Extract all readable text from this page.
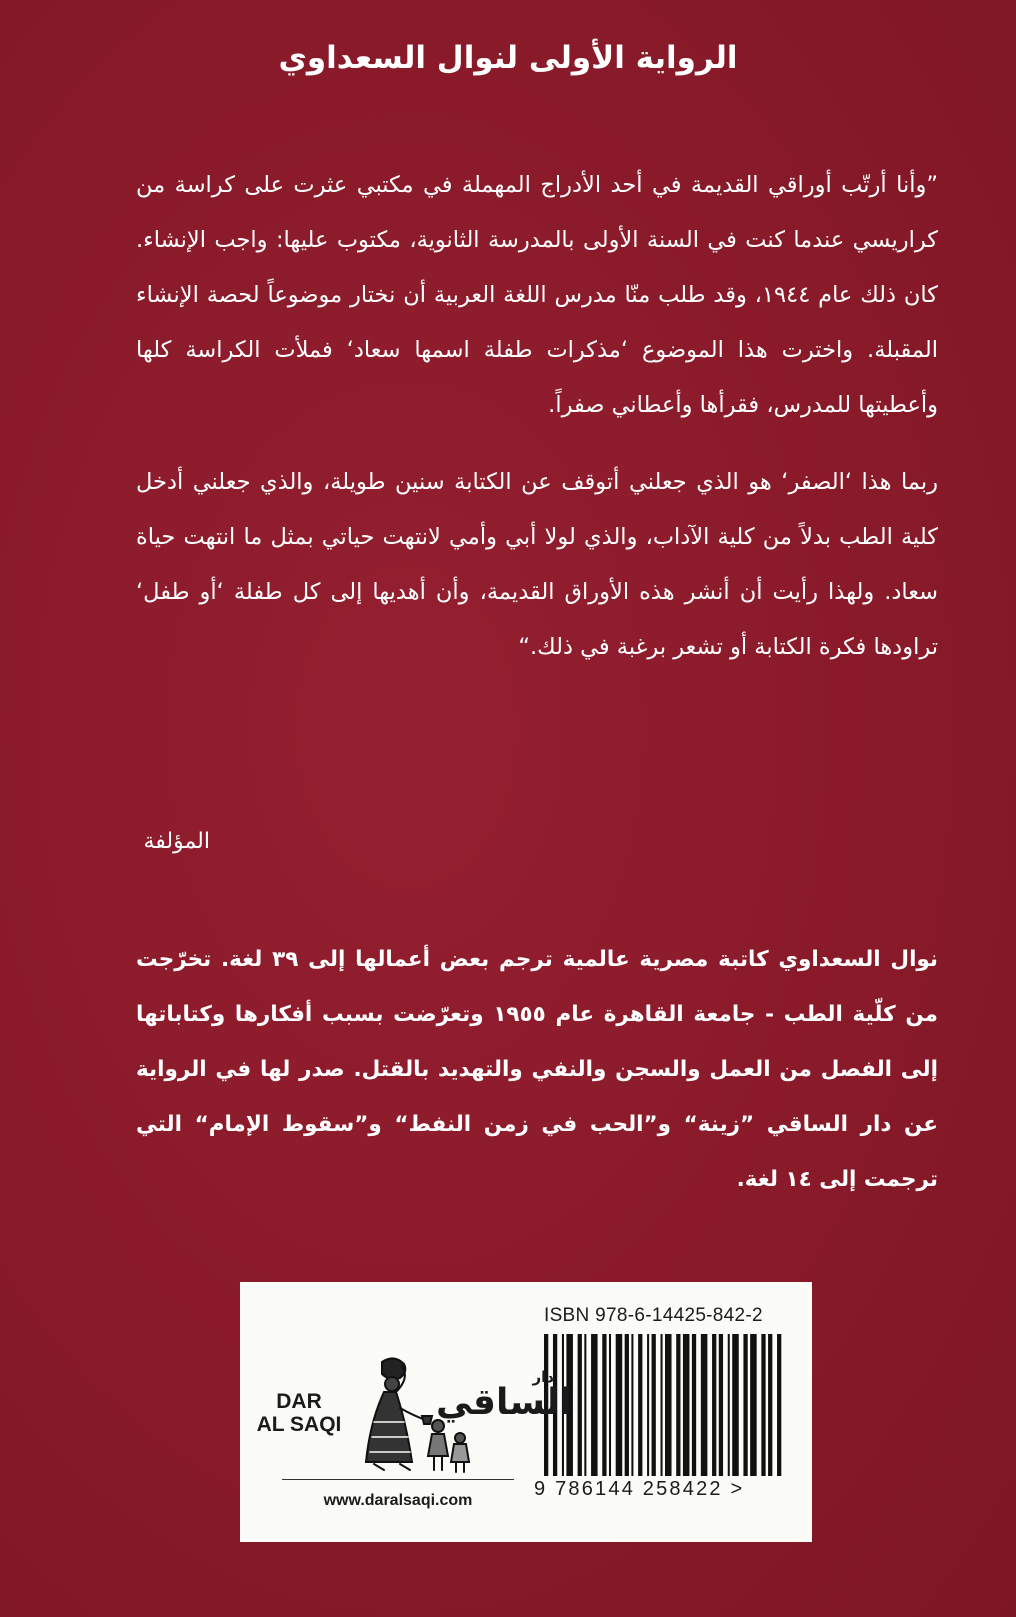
الرواية الأولى لنوال السعداوي

”وأنا أرتّب أوراقي القديمة في أحد الأدراج المهملة في مكتبي عثرت على كراسة من كراريسي عندما كنت في السنة الأولى بالمدرسة الثانوية، مكتوب عليها: واجب الإنشاء. كان ذلك عام ١٩٤٤، وقد طلب منّا مدرس اللغة العربية أن نختار موضوعاً لحصة الإنشاء المقبلة. واخترت هذا الموضوع ‘مذكرات طفلة اسمها سعاد‘ فملأت الكراسة كلها وأعطيتها للمدرس، فقرأها وأعطاني صفراً.

ربما هذا ‘الصفر‘ هو الذي جعلني أتوقف عن الكتابة سنين طويلة، والذي جعلني أدخل كلية الطب بدلاً من كلية الآداب، والذي لولا أبي وأمي لانتهت حياتي بمثل ما انتهت حياة سعاد. ولهذا رأيت أن أنشر هذه الأوراق القديمة، وأن أهديها إلى كل طفلة ‘أو طفل‘ تراودها فكرة الكتابة أو تشعر برغبة في ذلك.“

المؤلفة
نوال السعداوي كاتبة مصرية عالمية ترجم بعض أعمالها إلى ٣٩ لغة. تخرّجت من كلّية الطب - جامعة القاهرة عام ١٩٥٥ وتعرّضت بسبب أفكارها وكتاباتها إلى الفصل من العمل والسجن والنفي والتهديد بالقتل. صدر لها في الرواية عن دار الساقي ”زينة“ و”الحب في زمن النفط“ و”سقوط الإمام“ التي ترجمت إلى ١٤ لغة.
ISBN 978-6-14425-842-2
9 786144 258422 >
DAR
AL SAQI
دار
الساقي
www.daralsaqi.com
